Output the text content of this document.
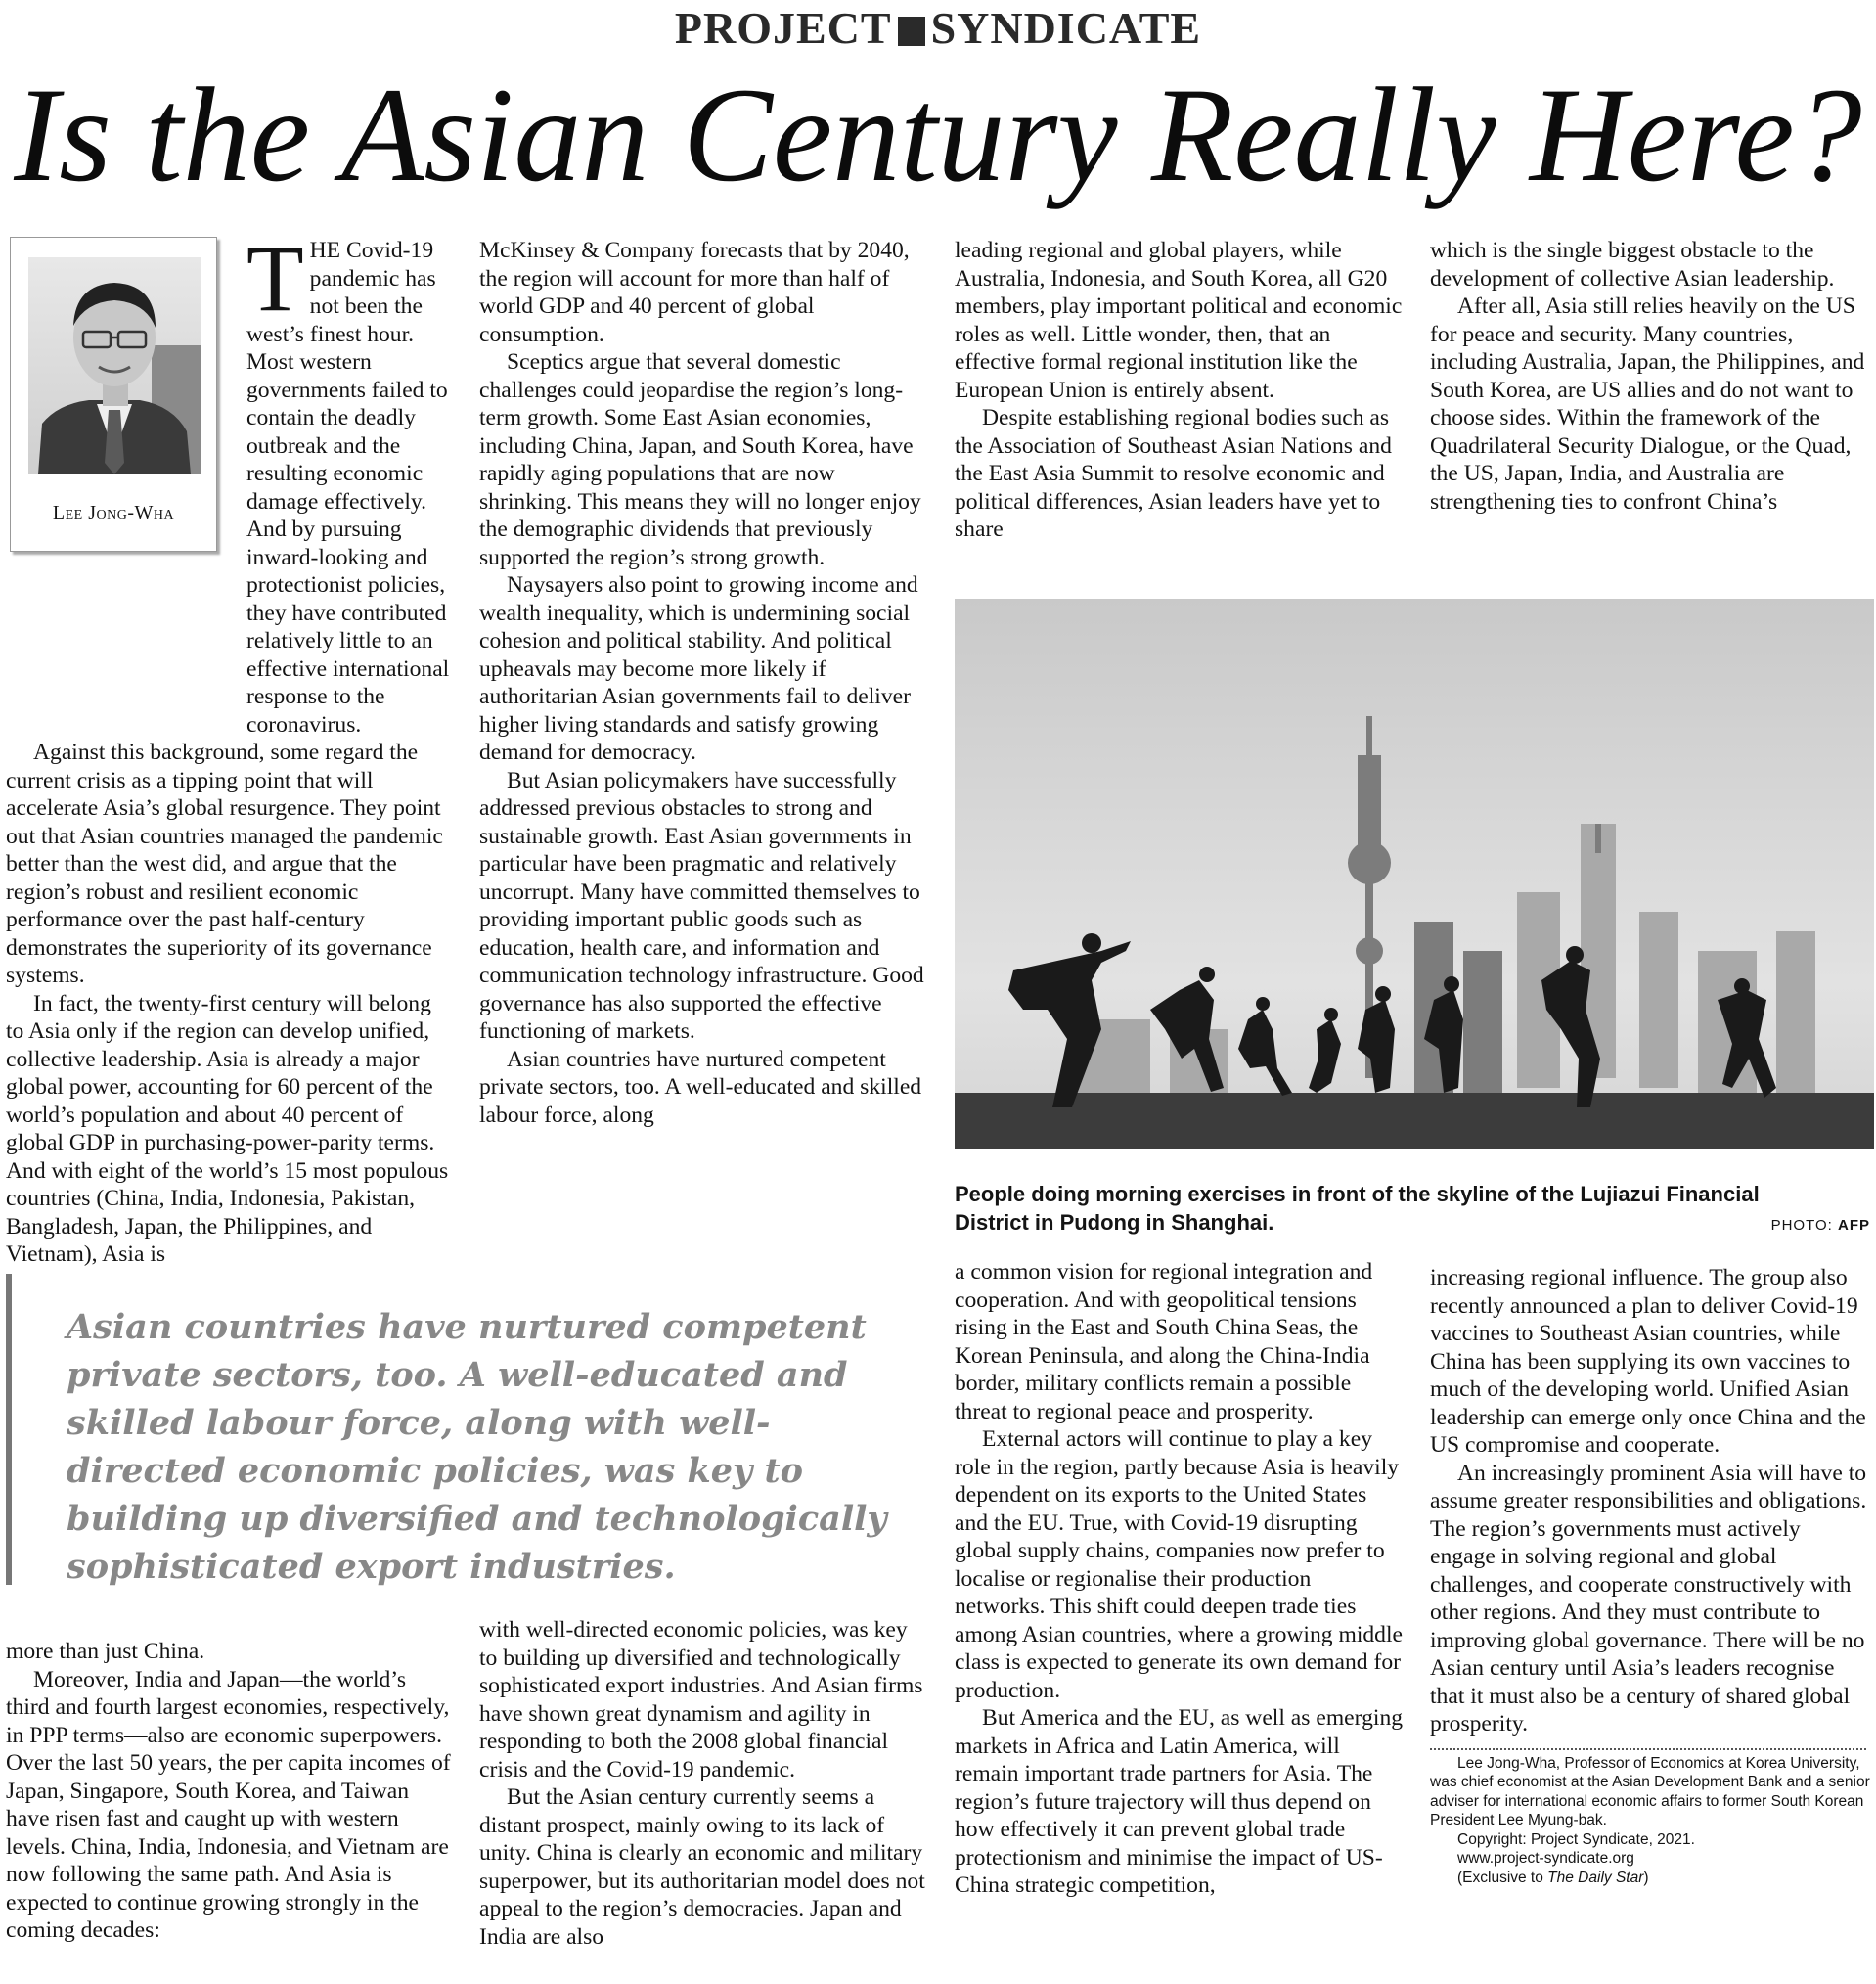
PROJECT SYNDICATE
Is the Asian Century Really Here?
Lee Jong-Wha

THE Covid-19 pandemic has not been the west’s finest hour. Most western governments failed to contain the deadly outbreak and the resulting economic damage effectively. And by pursuing inward-looking and protectionist policies, they have contributed relatively little to an effective international response to the coronavirus.

Against this background, some regard the current crisis as a tipping point that will accelerate Asia’s global resurgence. They point out that Asian countries managed the pandemic better than the west did, and argue that the region’s robust and resilient economic performance over the past half-century demonstrates the superiority of its governance systems.

In fact, the twenty-first century will belong to Asia only if the region can develop unified, collective leadership. Asia is already a major global power, accounting for 60 percent of the world’s population and about 40 percent of global GDP in purchasing-power-parity terms. And with eight of the world’s 15 most populous countries (China, India, Indonesia, Pakistan, Bangladesh, Japan, the Philippines, and Vietnam), Asia is

McKinsey & Company forecasts that by 2040, the region will account for more than half of world GDP and 40 percent of global consumption.

Sceptics argue that several domestic challenges could jeopardise the region’s long-term growth. Some East Asian economies, including China, Japan, and South Korea, have rapidly aging populations that are now shrinking. This means they will no longer enjoy the demographic dividends that previously supported the region’s strong growth.

Naysayers also point to growing income and wealth inequality, which is undermining social cohesion and political stability. And political upheavals may become more likely if authoritarian Asian governments fail to deliver higher living standards and satisfy growing demand for democracy.

But Asian policymakers have successfully addressed previous obstacles to strong and sustainable growth. East Asian governments in particular have been pragmatic and relatively uncorrupt. Many have committed themselves to providing important public goods such as education, health care, and information and communication technology infrastructure. Good governance has also supported the effective functioning of markets.

Asian countries have nurtured competent private sectors, too. A well-educated and skilled labour force, along

leading regional and global players, while Australia, Indonesia, and South Korea, all G20 members, play important political and economic roles as well. Little wonder, then, that an effective formal regional institution like the European Union is entirely absent.

Despite establishing regional bodies such as the Association of Southeast Asian Nations and the East Asia Summit to resolve economic and political differences, Asian leaders have yet to share

which is the single biggest obstacle to the development of collective Asian leadership.

After all, Asia still relies heavily on the US for peace and security. Many countries, including Australia, Japan, the Philippines, and South Korea, are US allies and do not want to choose sides. Within the framework of the Quadrilateral Security Dialogue, or the Quad, the US, Japan, India, and Australia are strengthening ties to confront China’s

People doing morning exercises in front of the skyline of the Lujiazui Financial District in Pudong in Shanghai.	PHOTO: AFP
Asian countries have nurtured competent private sectors, too. A well-educated and skilled labour force, along with well-directed economic policies, was key to building up diversified and technologically sophisticated export industries.

more than just China.

Moreover, India and Japan—the world’s third and fourth largest economies, respectively, in PPP terms—also are economic superpowers. Over the last 50 years, the per capita incomes of Japan, Singapore, South Korea, and Taiwan have risen fast and caught up with western levels. China, India, Indonesia, and Vietnam are now following the same path. And Asia is expected to continue growing strongly in the coming decades:

with well-directed economic policies, was key to building up diversified and technologically sophisticated export industries. And Asian firms have shown great dynamism and agility in responding to both the 2008 global financial crisis and the Covid-19 pandemic.

But the Asian century currently seems a distant prospect, mainly owing to its lack of unity. China is clearly an economic and military superpower, but its authoritarian model does not appeal to the region’s democracies. Japan and India are also

a common vision for regional integration and cooperation. And with geopolitical tensions rising in the East and South China Seas, the Korean Peninsula, and along the China-India border, military conflicts remain a possible threat to regional peace and prosperity.

External actors will continue to play a key role in the region, partly because Asia is heavily dependent on its exports to the United States and the EU. True, with Covid-19 disrupting global supply chains, companies now prefer to localise or regionalise their production networks. This shift could deepen trade ties among Asian countries, where a growing middle class is expected to generate its own demand for production.

But America and the EU, as well as emerging markets in Africa and Latin America, will remain important trade partners for Asia. The region’s future trajectory will thus depend on how effectively it can prevent global trade protectionism and minimise the impact of US-China strategic competition,

increasing regional influence. The group also recently announced a plan to deliver Covid-19 vaccines to Southeast Asian countries, while China has been supplying its own vaccines to much of the developing world. Unified Asian leadership can emerge only once China and the US compromise and cooperate.

An increasingly prominent Asia will have to assume greater responsibilities and obligations. The region’s governments must actively engage in solving regional and global challenges, and cooperate constructively with other regions. And they must contribute to improving global governance. There will be no Asian century until Asia’s leaders recognise that it must also be a century of shared global prosperity.

Lee Jong-Wha, Professor of Economics at Korea University, was chief economist at the Asian Development Bank and a senior adviser for international economic affairs to former South Korean President Lee Myung-bak.

Copyright: Project Syndicate, 2021.

www.project-syndicate.org

(Exclusive to The Daily Star)
